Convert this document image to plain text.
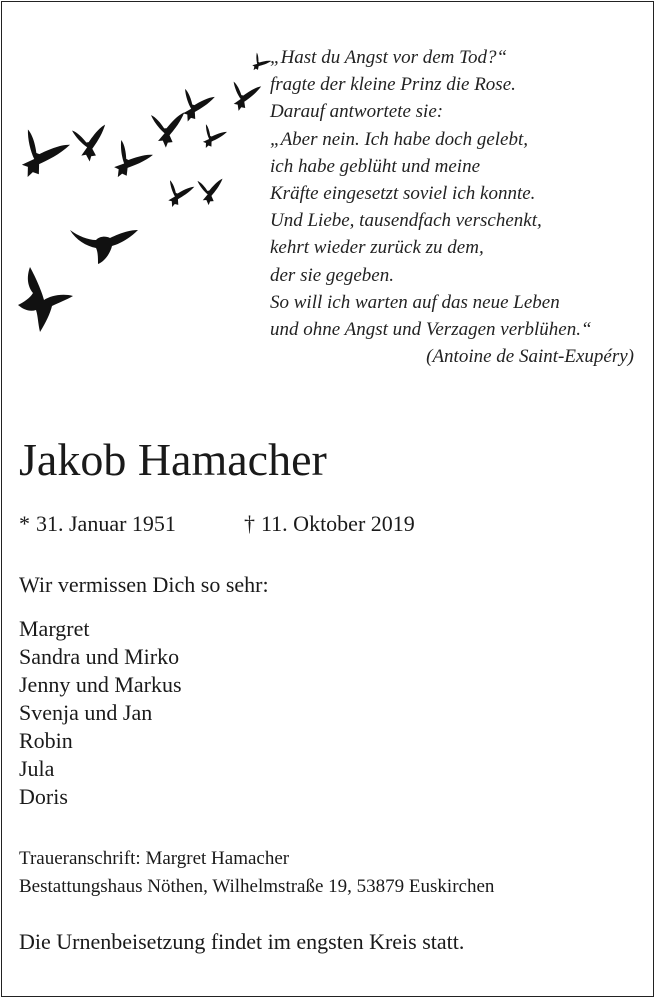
„Hast du Angst vor dem Tod?“
fragte der kleine Prinz die Rose.
Darauf antwortete sie:
„Aber nein. Ich habe doch gelebt,
ich habe geblüht und meine
Kräfte eingesetzt soviel ich konnte.
Und Liebe, tausendfach verschenkt,
kehrt wieder zurück zu dem,
der sie gegeben.
So will ich warten auf das neue Leben
und ohne Angst und Verzagen verblühen.“
(Antoine de Saint-Exupéry)
Jakob Hamacher
* 31. Januar 1951	† 11. Oktober 2019
Wir vermissen Dich so sehr:
Margret
Sandra und Mirko
Jenny und Markus
Svenja und Jan
Robin
Jula
Doris
Traueranschrift: Margret Hamacher
Bestattungshaus Nöthen, Wilhelmstraße 19, 53879 Euskirchen
Die Urnenbeisetzung findet im engsten Kreis statt.
